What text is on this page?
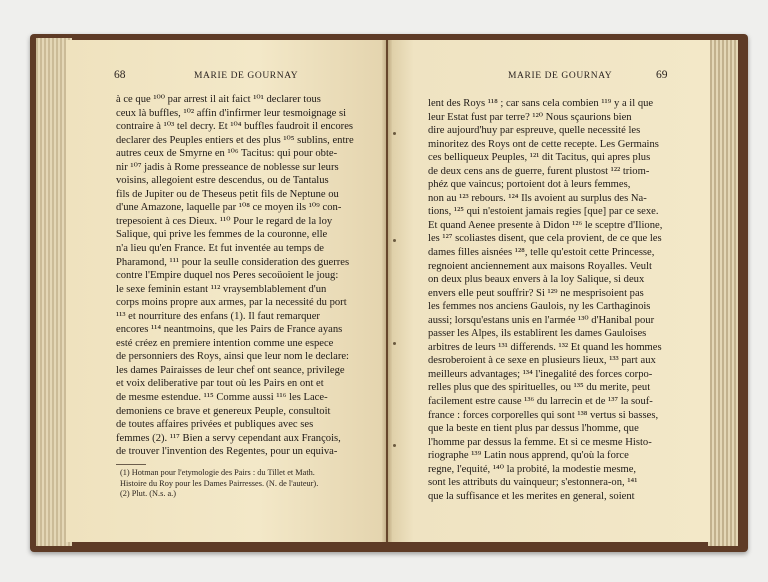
68	MARIE DE GOURNAY
à ce que ¹⁰⁰ par arrest il ait faict ¹⁰¹ declarer tous
ceux là buffles, ¹⁰² affin d'infirmer leur tesmoignage si
contraire à ¹⁰³ tel decry. Et ¹⁰⁴ buffles faudroit il encores
declarer des Peuples entiers et des plus ¹⁰⁵ sublins, entre
autres ceux de Smyrne en ¹⁰⁶ Tacitus: qui pour obte-
nir ¹⁰⁷ jadis à Rome presseance de noblesse sur leurs
voisins, allegoient estre descendus, ou de Tantalus
fils de Jupiter ou de Theseus petit fils de Neptune ou
d'une Amazone, laquelle par ¹⁰⁸ ce moyen ils ¹⁰⁹ con-
trepesoient à ces Dieux. ¹¹⁰ Pour le regard de la loy
Salique, qui prive les femmes de la couronne, elle
n'a lieu qu'en France. Et fut inventée au temps de
Pharamond, ¹¹¹ pour la seulle consideration des guerres
contre l'Empire duquel nos Peres secoüoient le joug:
le sexe feminin estant ¹¹² vraysemblablement d'un
corps moins propre aux armes, par la necessité du port
¹¹³ et nourriture des enfans (1). Il faut remarquer
encores ¹¹⁴ neantmoins, que les Pairs de France ayans
esté créez en premiere intention comme une espece
de personniers des Roys, ainsi que leur nom le declare:
les dames Pairaisses de leur chef ont seance, privilege
et voix deliberative par tout où les Pairs en ont et
de mesme estendue. ¹¹⁵ Comme aussi ¹¹⁶ les Lace-
demoniens ce brave et genereux Peuple, consultoit
de toutes affaires privées et publiques avec ses
femmes (2). ¹¹⁷ Bien a servy cependant aux François,
de trouver l'invention des Regentes, pour un equiva-
(1) Hotman pour l'etymologie des Pairs : du Tillet et Math.
Histoire du Roy pour les Dames Pairresses. (N. de l'auteur).
(2) Plut. (N.s. a.)
MARIE DE GOURNAY	69
lent des Roys ¹¹⁸ ; car sans cela combien ¹¹⁹ y a il que
leur Estat fust par terre? ¹²⁰ Nous sçaurions bien
dire aujourd'huy par espreuve, quelle necessité les
minoritez des Roys ont de cette recepte. Les Germains
ces belliqueux Peuples, ¹²¹ dit Tacitus, qui apres plus
de deux cens ans de guerre, furent plustost ¹²² triom-
phéz que vaincus; portoient dot à leurs femmes,
non au ¹²³ rebours. ¹²⁴ Ils avoient au surplus des Na-
tions, ¹²⁵ qui n'estoient jamais regies [que] par ce sexe.
Et quand Aenee presente à Didon ¹²⁶ le sceptre d'Ilione,
les ¹²⁷ scoliastes disent, que cela provient, de ce que les
dames filles aisnées ¹²⁸, telle qu'estoit cette Princesse,
regnoient anciennement aux maisons Royalles. Veult
on deux plus beaux envers à la loy Salique, si deux
envers elle peut souffrir? Si ¹²⁹ ne mesprisoient pas
les femmes nos anciens Gaulois, ny les Carthaginois
aussi; lorsqu'estans unis en l'armée ¹³⁰ d'Hanibal pour
passer les Alpes, ils establirent les dames Gauloises
arbitres de leurs ¹³¹ differends. ¹³² Et quand les hommes
desroberoient à ce sexe en plusieurs lieux, ¹³³ part aux
meilleurs advantages; ¹³⁴ l'inegalité des forces corpo-
relles plus que des spirituelles, ou ¹³⁵ du merite, peut
facilement estre cause ¹³⁶ du larrecin et de ¹³⁷ la souf-
france : forces corporelles qui sont ¹³⁸ vertus si basses,
que la beste en tient plus par dessus l'homme, que
l'homme par dessus la femme. Et si ce mesme Histo-
riographe ¹³⁹ Latin nous apprend, qu'où la force
regne, l'equité, ¹⁴⁰ la probité, la modestie mesme,
sont les attributs du vainqueur; s'estonnera-on, ¹⁴¹
que la suffisance et les merites en general, soient
